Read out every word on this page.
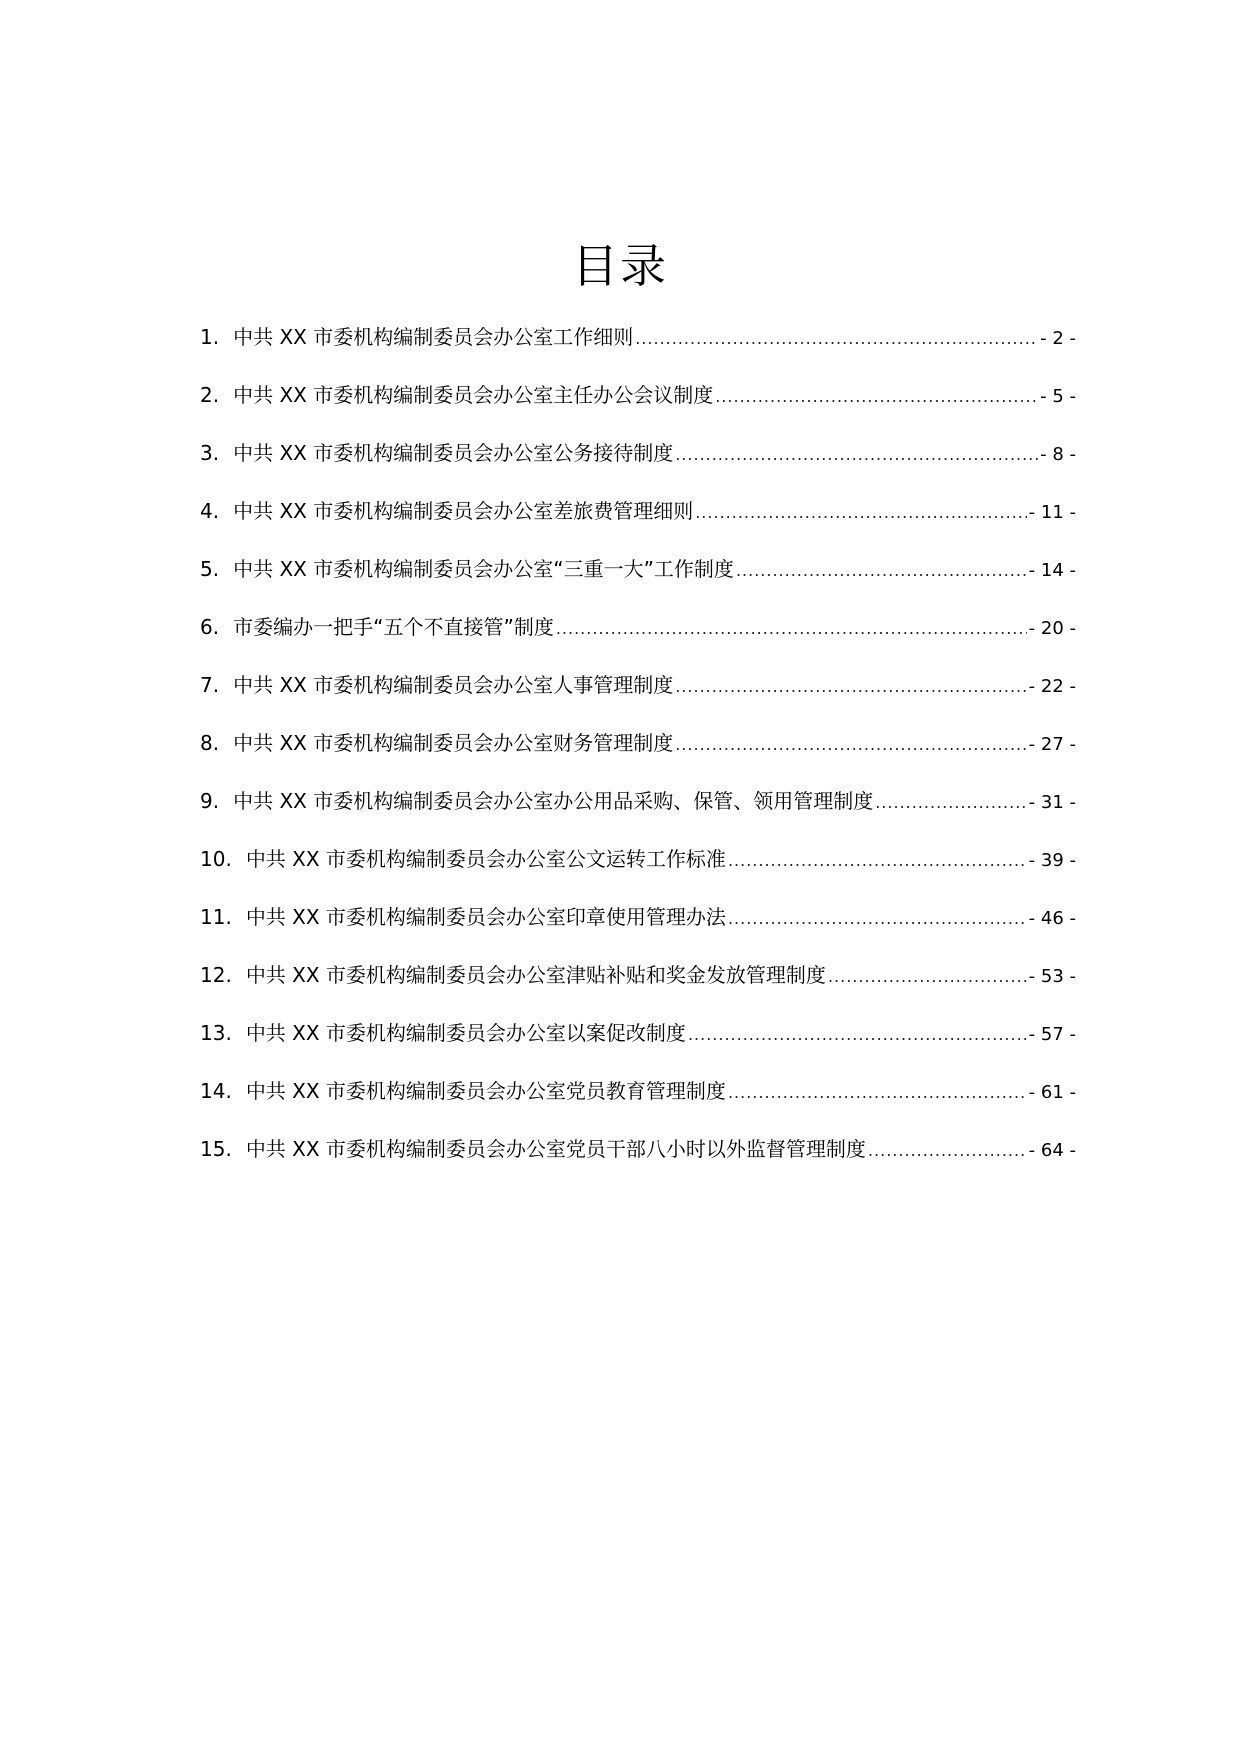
目录
1. 中共 XX 市委机构编制委员会办公室工作细则 .....	- 2 -
2. 中共 XX 市委机构编制委员会办公室主任办公会议制度 .....	- 5 -
3. 中共 XX 市委机构编制委员会办公室公务接待制度 .....	- 8 -
4. 中共 XX 市委机构编制委员会办公室差旅费管理细则 .....	- 11 -
5. 中共 XX 市委机构编制委员会办公室“三重一大”工作制度 .....	- 14 -
6. 市委编办一把手“五个不直接管”制度 .....	- 20 -
7. 中共 XX 市委机构编制委员会办公室人事管理制度 .....	- 22 -
8. 中共 XX 市委机构编制委员会办公室财务管理制度 .....	- 27 -
9. 中共 XX 市委机构编制委员会办公室办公用品采购、保管、领用管理制度 .....	- 31 -
10. 中共 XX 市委机构编制委员会办公室公文运转工作标准 .....	- 39 -
11. 中共 XX 市委机构编制委员会办公室印章使用管理办法 .....	- 46 -
12. 中共 XX 市委机构编制委员会办公室津贴补贴和奖金发放管理制度 .....	- 53 -
13. 中共 XX 市委机构编制委员会办公室以案促改制度 .....	- 57 -
14. 中共 XX 市委机构编制委员会办公室党员教育管理制度 .....	- 61 -
15. 中共 XX 市委机构编制委员会办公室党员干部八小时以外监督管理制度 .....	- 64 -
